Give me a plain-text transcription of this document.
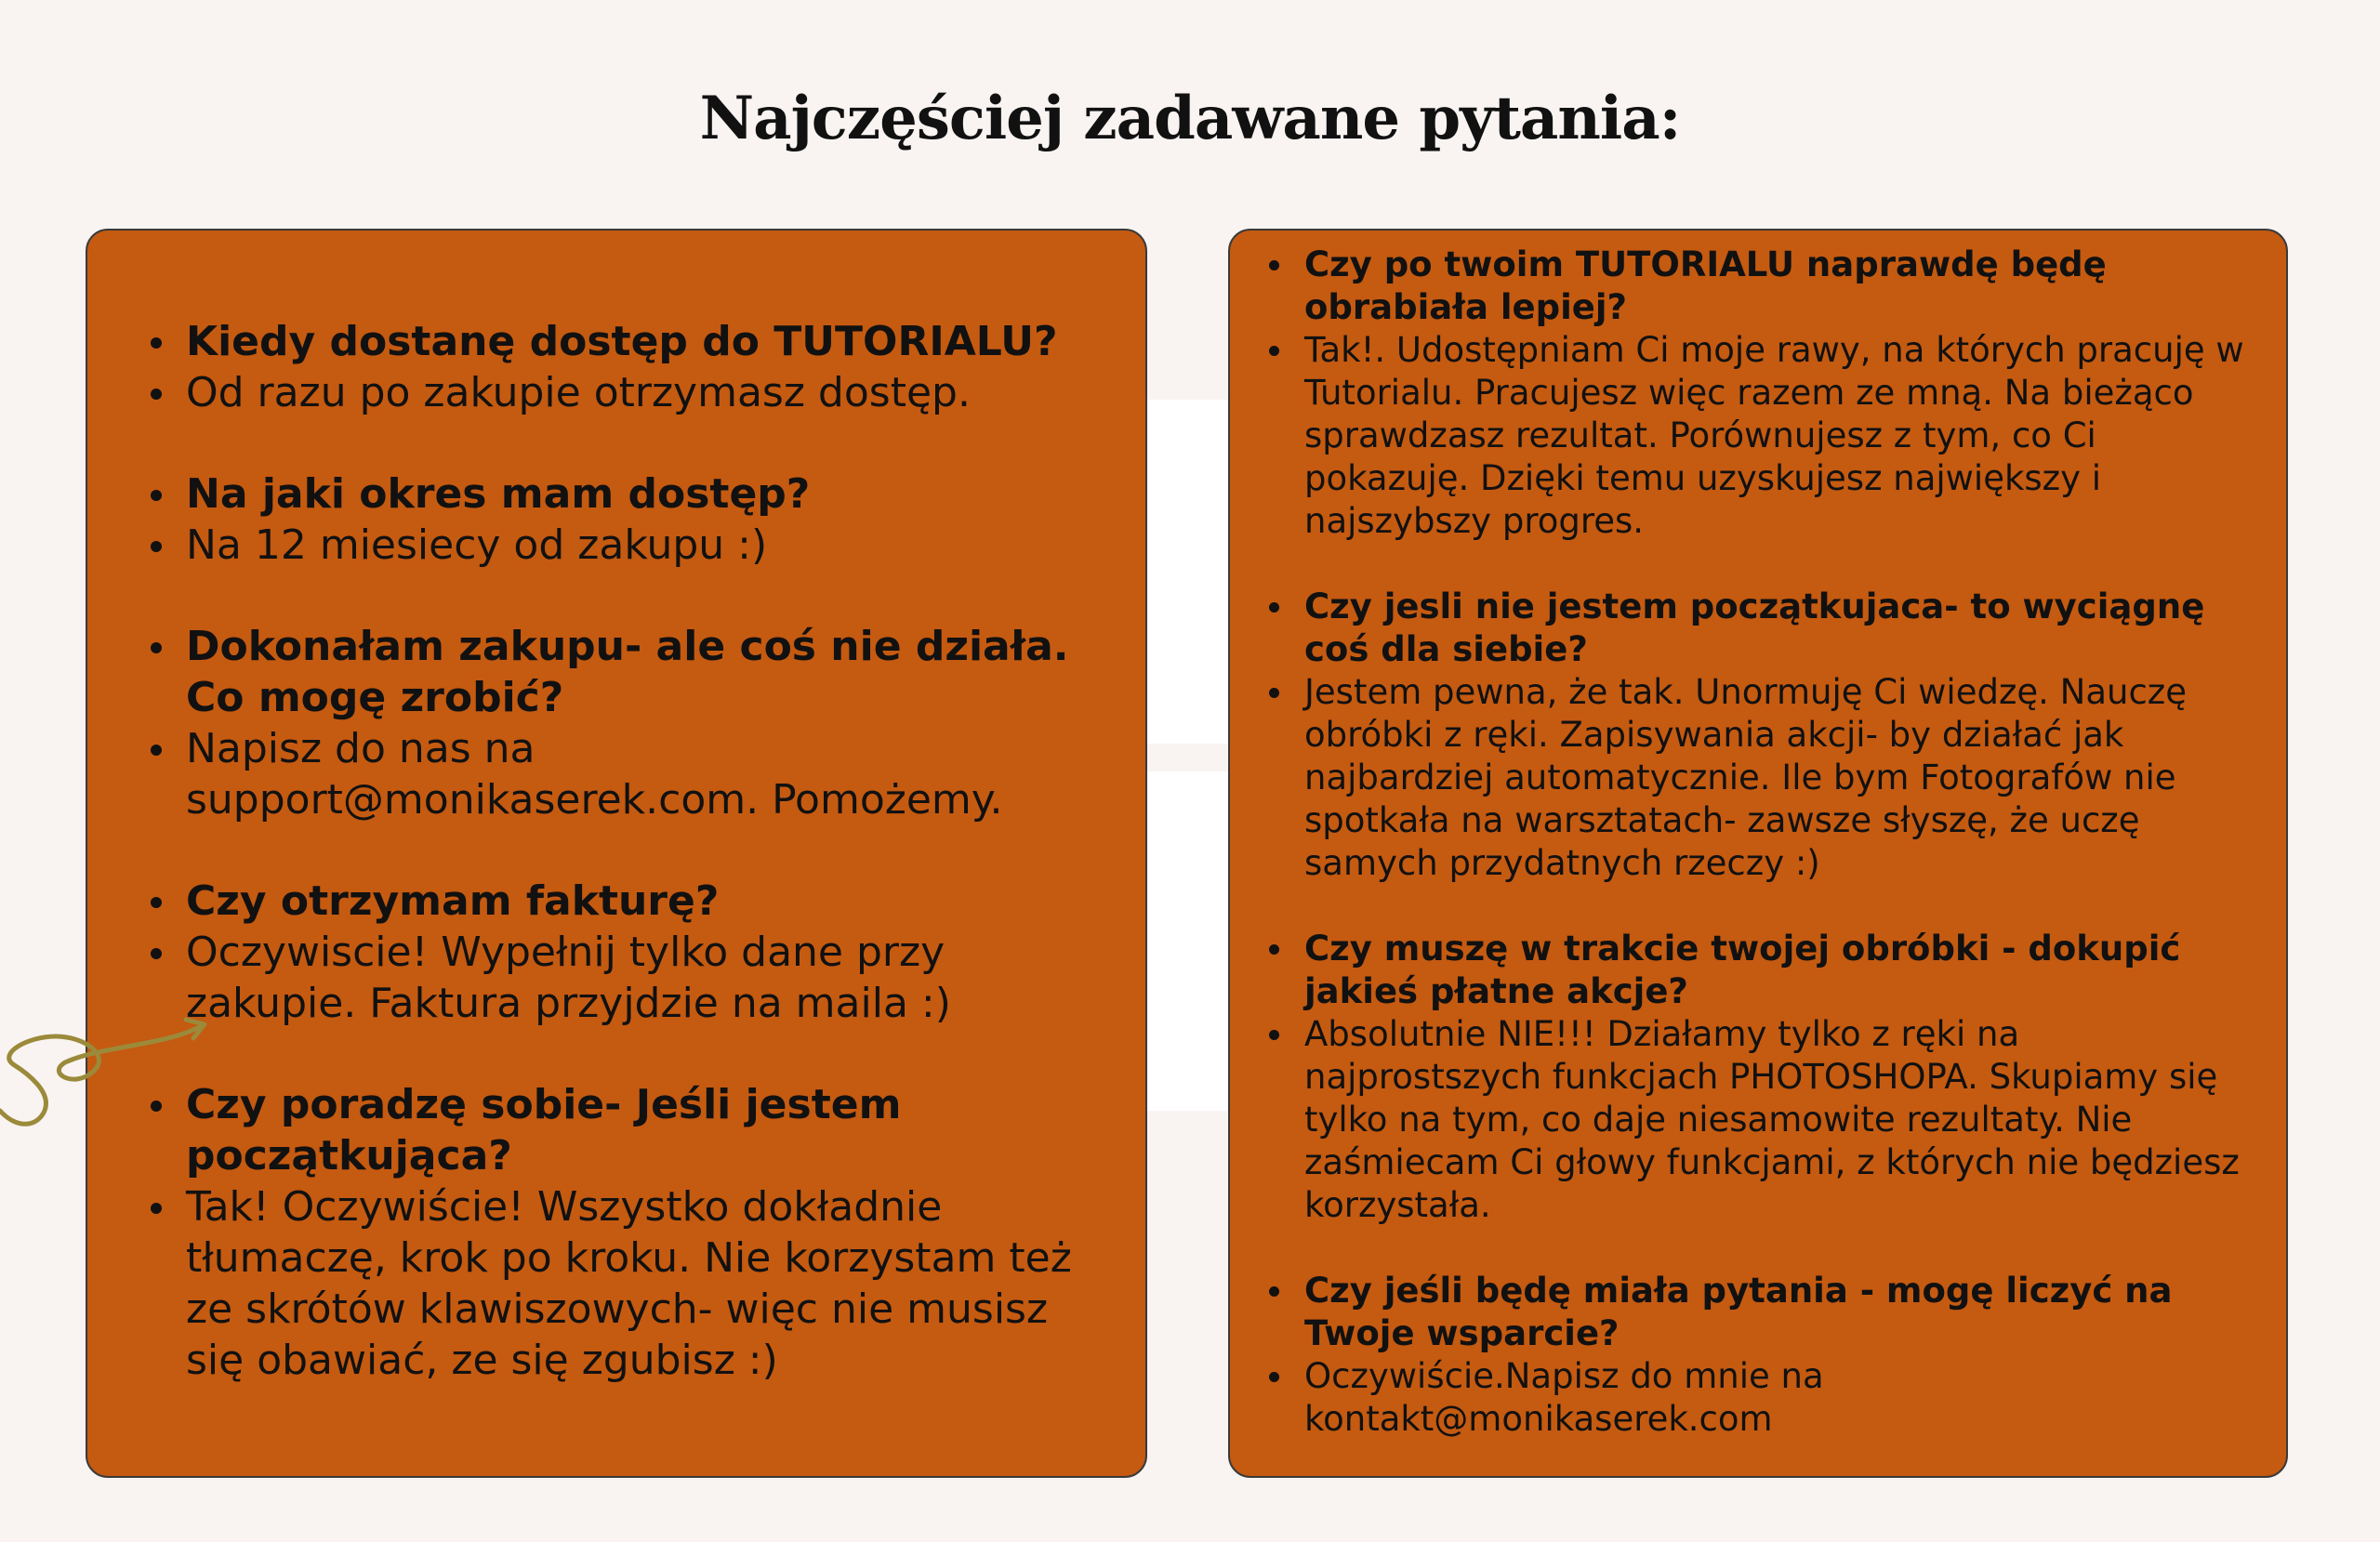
Najczęściej zadawane pytania:
Kiedy dostanę dostęp do TUTORIALU?
Od razu po zakupie otrzymasz dostęp.
Na jaki okres mam dostęp?
Na 12 miesiecy od zakupu :)
Dokonałam zakupu- ale coś nie działa. Co mogę zrobić?
Napisz do nas na support@monikaserek.com. Pomożemy.
Czy otrzymam fakturę?
Oczywiscie! Wypełnij tylko dane przy zakupie. Faktura przyjdzie na maila :)
Czy poradzę sobie- Jeśli jestem początkująca?
Tak! Oczywiście! Wszystko dokładnie tłumaczę, krok po kroku. Nie korzystam też ze skrótów klawiszowych- więc nie musisz się obawiać, ze się zgubisz :)
Czy po twoim TUTORIALU naprawdę będę obrabiała lepiej?
Tak!. Udostępniam Ci moje rawy, na których pracuję w Tutorialu. Pracujesz więc razem ze mną. Na bieżąco sprawdzasz rezultat. Porównujesz z tym, co Ci pokazuję. Dzięki temu uzyskujesz największy i najszybszy progres.
Czy jesli nie jestem początkujaca- to wyciągnę coś dla siebie?
Jestem pewna, że tak. Unormuję Ci wiedzę. Nauczę obróbki z ręki. Zapisywania akcji- by działać jak najbardziej automatycznie. Ile bym Fotografów nie spotkała na warsztatach- zawsze słyszę, że uczę samych przydatnych rzeczy :)
Czy muszę w trakcie twojej obróbki - dokupić jakieś płatne akcje?
Absolutnie NIE!!! Działamy tylko z ręki na najprostszych funkcjach PHOTOSHOPA. Skupiamy się tylko na tym, co daje niesamowite rezultaty. Nie zaśmiecam Ci głowy funkcjami, z których nie będziesz korzystała.
Czy jeśli będę miała pytania - mogę liczyć na Twoje wsparcie?
Oczywiście.Napisz do mnie na kontakt@monikaserek.com
